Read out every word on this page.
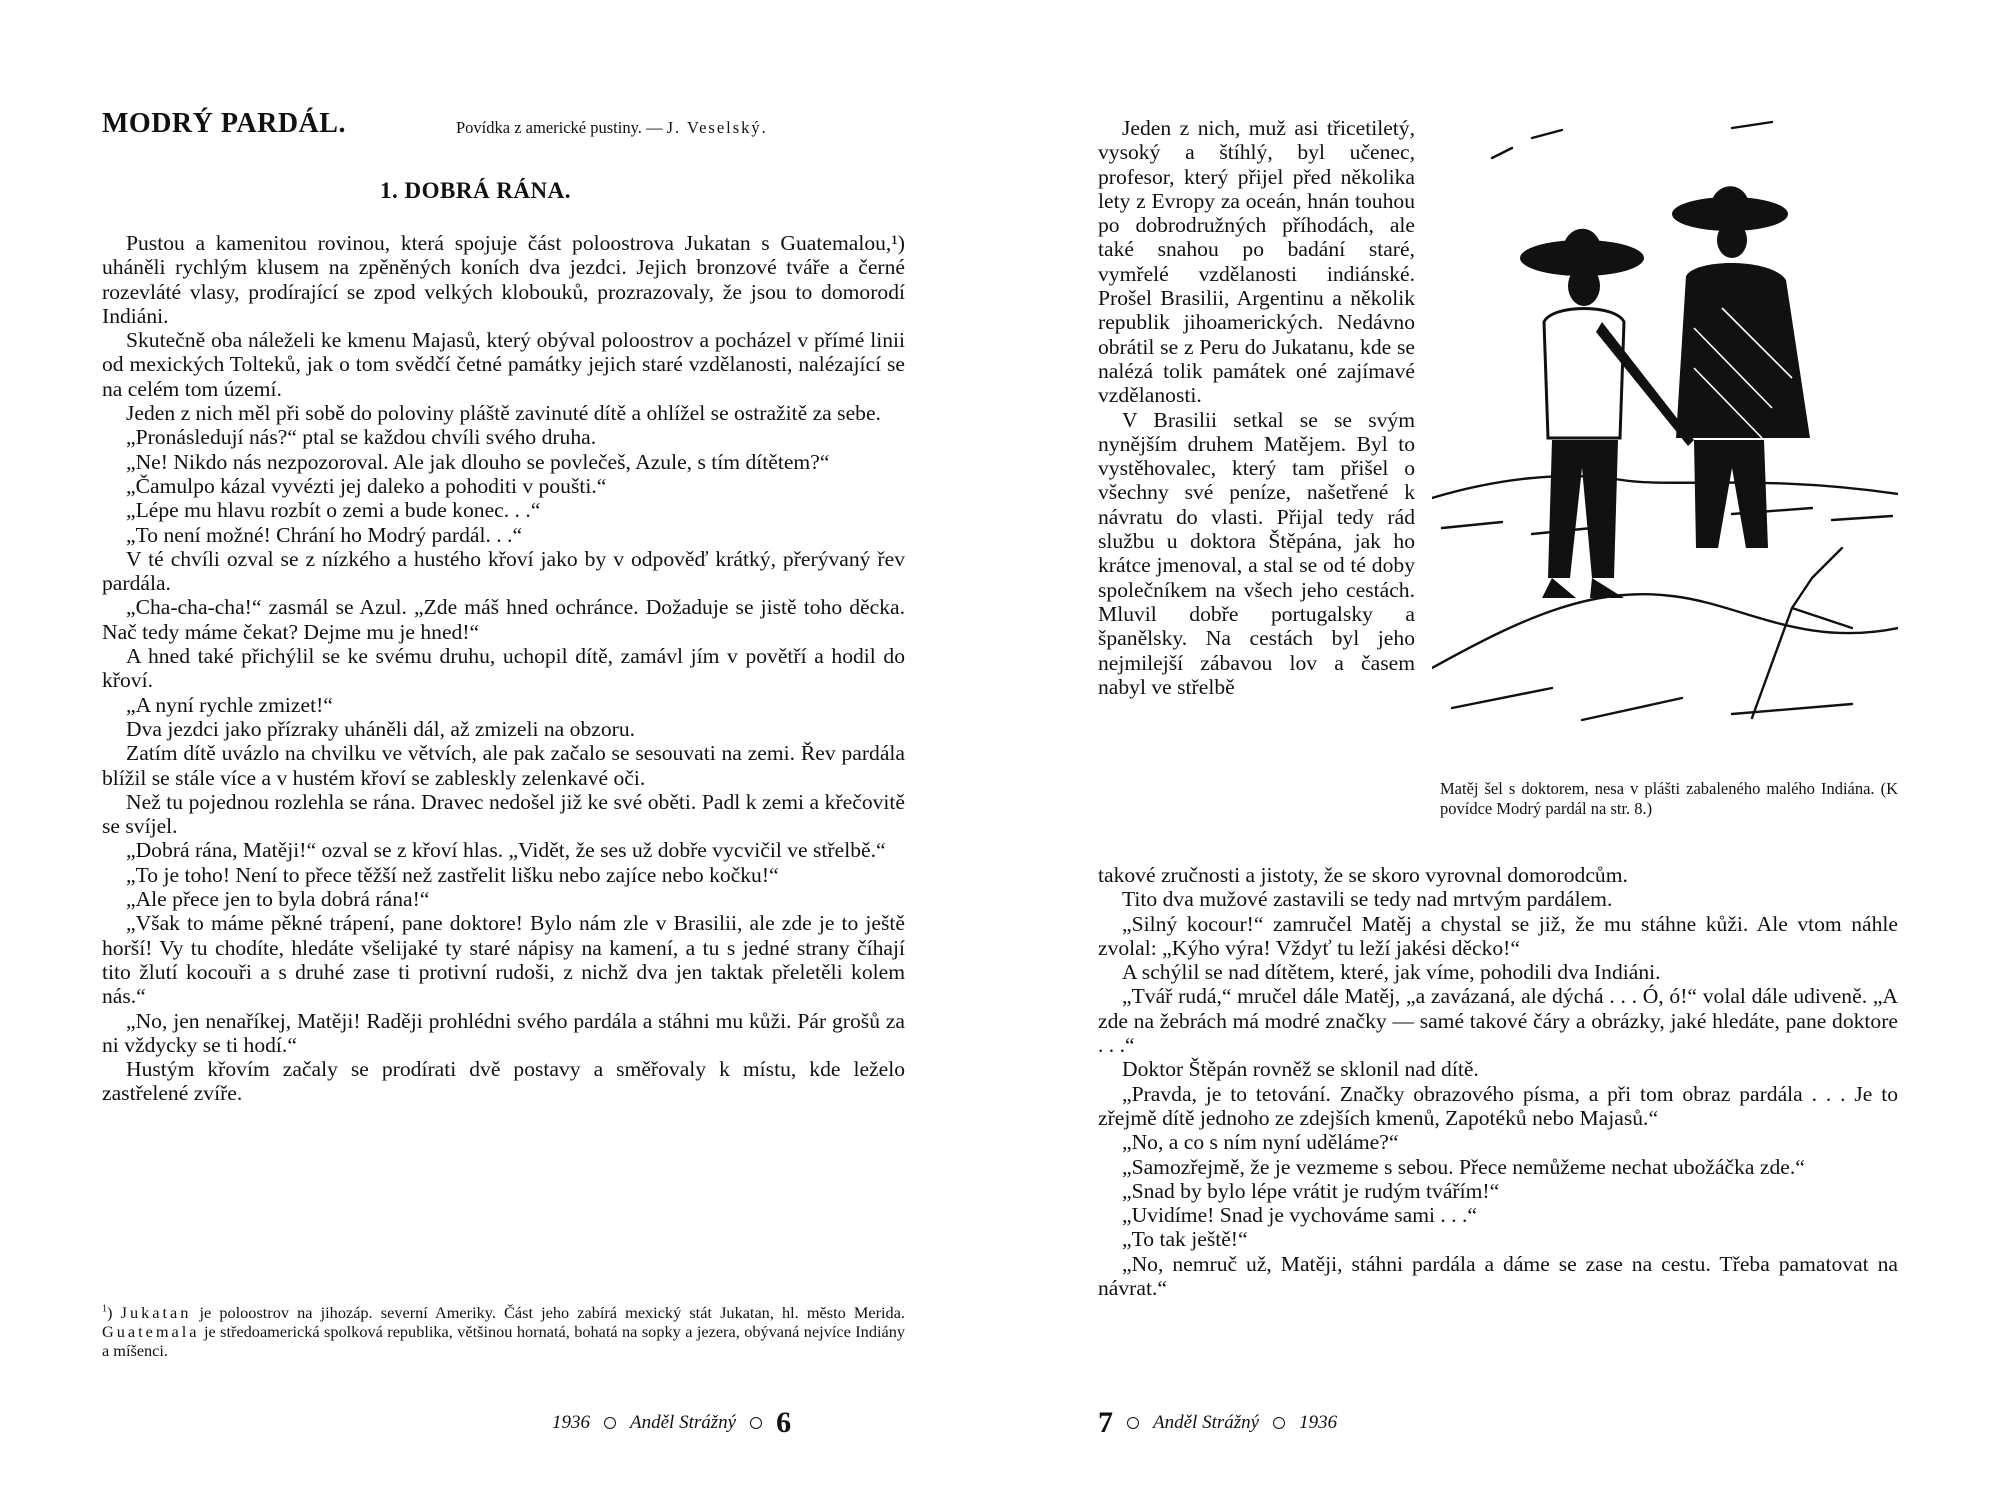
MODRÝ PARDÁL.	Povídka z americké pustiny. — J. Veselský.
1. DOBRÁ RÁNA.

Pustou a kamenitou rovinou, která spojuje část poloostrova Jukatan s Guatemalou,¹) uháněli rychlým klusem na zpěněných koních dva jezdci. Jejich bronzové tváře a černé rozevláté vlasy, prodírající se zpod velkých klobouků, prozrazovaly, že jsou to domorodí Indiáni.

Skutečně oba náleželi ke kmenu Majasů, který obýval poloostrov a pocházel v přímé linii od mexických Tolteků, jak o tom svědčí četné památky jejich staré vzdělanosti, nalézající se na celém tom území.

Jeden z nich měl při sobě do poloviny pláště zavinuté dítě a ohlížel se ostražitě za sebe.

„Pronásledují nás?“ ptal se každou chvíli svého druha.

„Ne! Nikdo nás nezpozoroval. Ale jak dlouho se povlečeš, Azule, s tím dítětem?“

„Čamulpo kázal vyvézti jej daleko a pohoditi v poušti.“

„Lépe mu hlavu rozbít o zemi a bude konec. . .“

„To není možné! Chrání ho Modrý pardál. . .“

V té chvíli ozval se z nízkého a hustého křoví jako by v odpověď krátký, přerývaný řev pardála.

„Cha-cha-cha!“ zasmál se Azul. „Zde máš hned ochránce. Dožaduje se jistě toho děcka. Nač tedy máme čekat? Dejme mu je hned!“

A hned také přichýlil se ke svému druhu, uchopil dítě, zamávl jím v povětří a hodil do křoví.

„A nyní rychle zmizet!“

Dva jezdci jako přízraky uháněli dál, až zmizeli na obzoru.

Zatím dítě uvázlo na chvilku ve větvích, ale pak začalo se sesouvati na zemi. Řev pardála blížil se stále více a v hustém křoví se zableskly zelenkavé oči.

Než tu pojednou rozlehla se rána. Dravec nedošel již ke své oběti. Padl k zemi a křečovitě se svíjel.

„Dobrá rána, Matěji!“ ozval se z křoví hlas. „Vidět, že ses už dobře vycvičil ve střelbě.“

„To je toho! Není to přece těžší než zastřelit lišku nebo zajíce nebo kočku!“

„Ale přece jen to byla dobrá rána!“

„Však to máme pěkné trápení, pane doktore! Bylo nám zle v Brasilii, ale zde je to ještě horší! Vy tu chodíte, hledáte všelijaké ty staré nápisy na kamení, a tu s jedné strany číhají tito žlutí kocouři a s druhé zase ti protivní rudoši, z nichž dva jen taktak přeletěli kolem nás.“

„No, jen nenaříkej, Matěji! Raději prohlédni svého pardála a stáhni mu kůži. Pár grošů za ni vždycky se ti hodí.“

Hustým křovím začaly se prodírati dvě postavy a směřovaly k místu, kde leželo zastřelené zvíře.

$^1$) Jukatan je poloostrov na jihozáp. severní Ameriky. Část jeho zabírá mexický stát Jukatan, hl. město Merida. Guatemala je středoamerická spolková republika, většinou hornatá, bohatá na sopky a jezera, obývaná nejvíce Indiány a míšenci.
1936 Anděl Strážný 6

Jeden z nich, muž asi třicetiletý, vysoký a štíhlý, byl učenec, profesor, který přijel před několika lety z Evropy za oceán, hnán touhou po dobrodružných příhodách, ale také snahou po badání staré, vymřelé vzdělanosti indiánské. Prošel Brasilii, Argentinu a několik republik jihoamerických. Nedávno obrátil se z Peru do Jukatanu, kde se nalézá tolik památek oné zajímavé vzdělanosti.

V Brasilii setkal se se svým nynějším druhem Matějem. Byl to vystěhovalec, který tam přišel o všechny své peníze, našetřené k návratu do vlasti. Přijal tedy rád službu u doktora Štěpána, jak ho krátce jmenoval, a stal se od té doby společníkem na všech jeho cestách. Mluvil dobře portugalsky a španělsky. Na cestách byl jeho nejmilejší zábavou lov a časem nabyl ve střelbě

Matěj šel s doktorem, nesa v plášti zabaleného malého Indiána. (K povídce Modrý pardál na str. 8.)

takové zručnosti a jistoty, že se skoro vyrovnal domorodcům.

Tito dva mužové zastavili se tedy nad mrtvým pardálem.

„Silný kocour!“ zamručel Matěj a chystal se již, že mu stáhne kůži. Ale vtom náhle zvolal: „Kýho výra! Vždyť tu leží jakési děcko!“

A schýlil se nad dítětem, které, jak víme, pohodili dva Indiáni.

„Tvář rudá,“ mručel dále Matěj, „a zavázaná, ale dýchá . . . Ó, ó!“ volal dále udiveně. „A zde na žebrách má modré značky — samé takové čáry a obrázky, jaké hledáte, pane doktore . . .“

Doktor Štěpán rovněž se sklonil nad dítě.

„Pravda, je to tetování. Značky obrazového písma, a při tom obraz pardála . . . Je to zřejmě dítě jednoho ze zdejších kmenů, Zapotéků nebo Majasů.“

„No, a co s ním nyní uděláme?“

„Samozřejmě, že je vezmeme s sebou. Přece nemůžeme nechat ubožáčka zde.“

„Snad by bylo lépe vrátit je rudým tvářím!“

„Uvidíme! Snad je vychováme sami . . .“

„To tak ještě!“

„No, nemruč už, Matěji, stáhni pardála a dáme se zase na cestu. Třeba pamatovat na návrat.“

7 Anděl Strážný 1936
